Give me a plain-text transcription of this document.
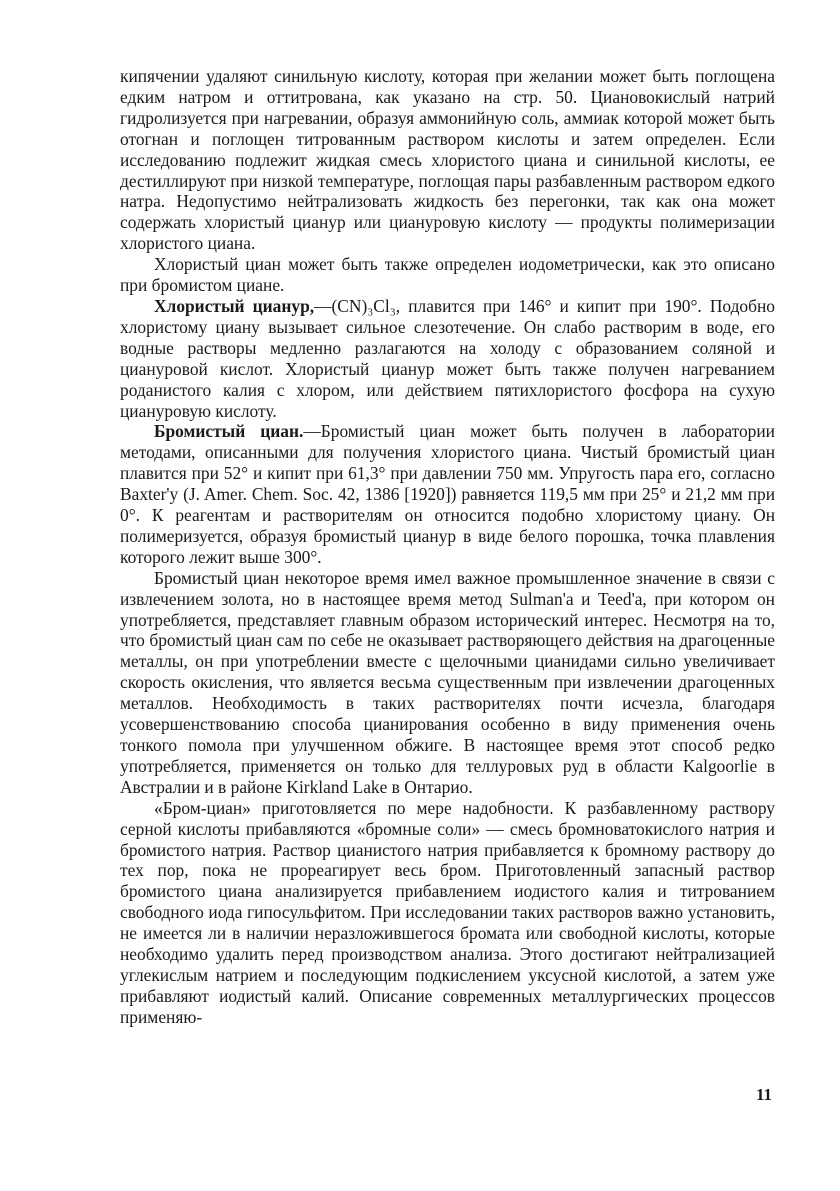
кипячении удаляют синильную кислоту, которая при желании может быть поглощена едким натром и оттитрована, как указано на стр. 50. Циановокислый натрий гидролизуется при нагревании, образуя аммонийную соль, аммиак которой может быть отогнан и поглощен титрованным раствором кислоты и затем определен. Если исследованию подлежит жидкая смесь хлористого циана и синильной кислоты, ее дестиллируют при низкой температуре, поглощая пары разбавленным раствором едкого натра. Недопустимо нейтрализовать жидкость без перегонки, так как она может содержать хлористый цианур или циануровую кислоту — продукты полимеризации хлористого циана.

Хлористый циан может быть также определен иодометрически, как это описано при бромистом циане.

Хлористый цианур,—(CN)₃Cl₃, плавится при 146° и кипит при 190°. Подобно хлористому циану вызывает сильное слезотечение. Он слабо растворим в воде, его водные растворы медленно разлагаются на холоду с образованием соляной и циануровой кислот. Хлористый цианур может быть также получен нагреванием роданистого калия с хлором, или действием пятихлористого фосфора на сухую циануровую кислоту.

Бромистый циан.—Бромистый циан может быть получен в лаборатории методами, описанными для получения хлористого циана. Чистый бромистый циан плавится при 52° и кипит при 61,3° при давлении 750 мм. Упругость пара его, согласно Baxter'у (J. Amer. Chem. Soc. 42, 1386 [1920]) равняется 119,5 мм при 25° и 21,2 мм при 0°. К реагентам и растворителям он относится подобно хлористому циану. Он полимеризуется, образуя бромистый цианур в виде белого порошка, точка плавления которого лежит выше 300°.

Бромистый циан некоторое время имел важное промышленное значение в связи с извлечением золота, но в настоящее время метод Sulman'a и Teed'a, при котором он употребляется, представляет главным образом исторический интерес. Несмотря на то, что бромистый циан сам по себе не оказывает растворяющего действия на драгоценные металлы, он при употреблении вместе с щелочными цианидами сильно увеличивает скорость окисления, что является весьма существенным при извлечении драгоценных металлов. Необходимость в таких растворителях почти исчезла, благодаря усовершенствованию способа цианирования особенно в виду применения очень тонкого помола при улучшенном обжиге. В настоящее время этот способ редко употребляется, применяется он только для теллуровых руд в области Kalgoorlie в Австралии и в районе Kirkland Lake в Онтарио.

«Бром-циан» приготовляется по мере надобности. К разбавленному раствору серной кислоты прибавляются «бромные соли» — смесь бромноватокислого натрия и бромистого натрия. Раствор цианистого натрия прибавляется к бромному раствору до тех пор, пока не прореагирует весь бром. Приготовленный запасный раствор бромистого циана анализируется прибавлением иодистого калия и титрованием свободного иода гипосульфитом. При исследовании таких растворов важно установить, не имеется ли в наличии неразложившегося бромата или свободной кислоты, которые необходимо удалить перед производством анализа. Этого достигают нейтрализацией углекислым натрием и последующим подкислением уксусной кислотой, а затем уже прибавляют иодистый калий. Описание современных металлургических процессов применяю-

11
